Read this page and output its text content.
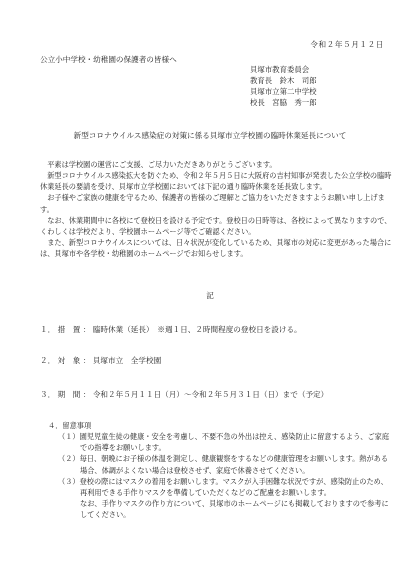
令和２年５月１２日
公立小中学校・幼稚園の保護者の皆様へ
貝塚市教育委員会
教育長　鈴木　司郎
貝塚市立第二中学校
校長　宮脇　秀一郎
新型コロナウイルス感染症の対策に係る貝塚市立学校園の臨時休業延長について

平素は学校園の運営にご支援、ご尽力いただきありがとうございます。

新型コロナウイルス感染拡大を防ぐため、令和２年５月５日に大阪府の吉村知事が発表した公立学校の臨時休業延長の要請を受け、貝塚市立学校園においては下記の通り臨時休業を延長致します。

お子様やご家族の健康を守るため、保護者の皆様のご理解とご協力をいただきますようお願い申し上げます。

なお、休業期間中に各校にて登校日を設ける予定です。登校日の日時等は、各校によって異なりますので、くわしくは学校だより、学校園ホームページ等でご確認ください。

また、新型コロナウイルスについては、日々状況が変化しているため、貝塚市の対応に変更があった場合には、貝塚市や各学校・幼稚園のホームページでお知らせします。

記
１． 措　置 ： 臨時休業（延長）　※週１日、２時間程度の登校日を設ける。
２． 対　象 ： 貝塚市立　全学校園
３． 期　間 ： 令和２年５月１１日（月）～令和２年５月３１日（日）まで（予定）

４．留意事項

（１）園児児童生徒の健康・安全を考慮し、不要不急の外出は控え、感染防止に留意するよう、ご家庭での指導をお願いします。

（２）毎日、朝晩にお子様の体温を測定し、健康観察をするなどの健康管理をお願いします。熱がある場合、体調がよくない場合は登校させず、家庭で休養させてください。

（３）登校の際にはマスクの着用をお願いします。マスクが入手困難な状況ですが、感染防止のため、再利用できる手作りマスクを準備していただくなどのご配慮をお願いします。

なお、手作りマスクの作り方について、貝塚市のホームページにも掲載しておりますので参考にしてください。
